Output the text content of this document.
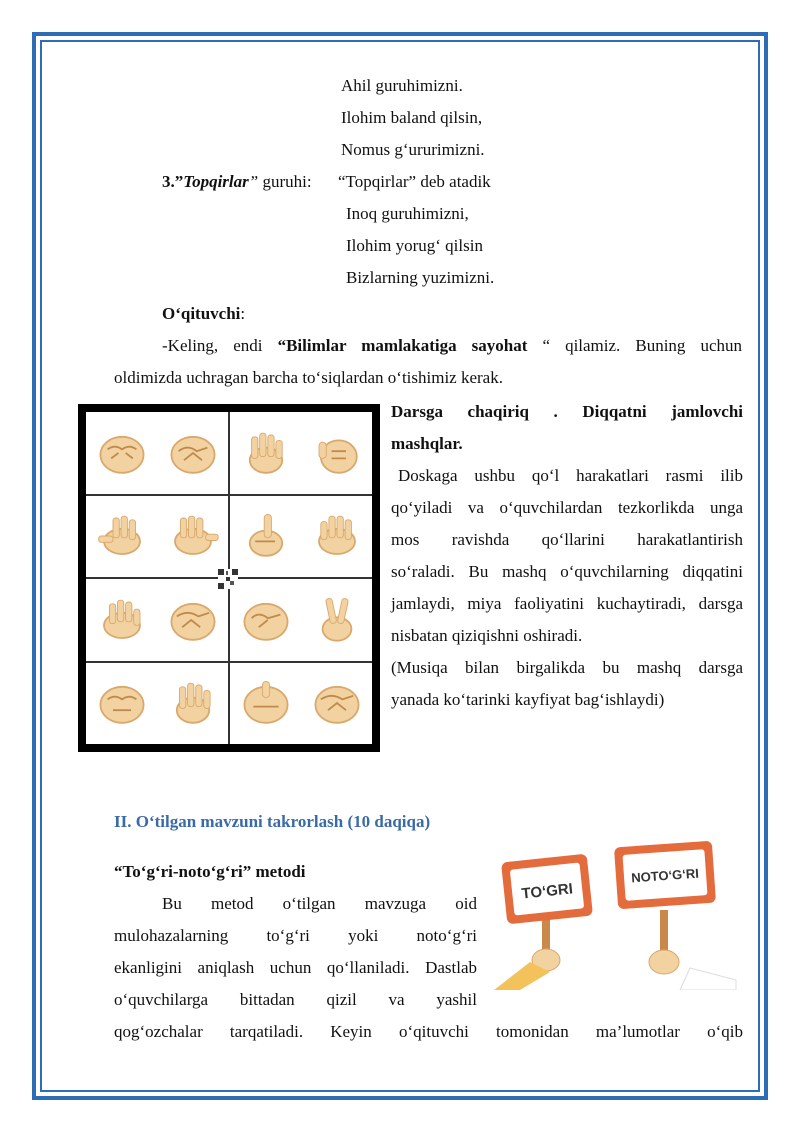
Ahil guruhimizni.
Ilohim baland qilsin,
Nomus g‘ururimizni.
3.”Topqirlar” guruhi: “Topqirlar” deb atadik
Inoq guruhimizni,
Ilohim yorug‘ qilsin
Bizlarning yuzimizni.
O‘qituvchi:
-Keling, endi “Bilimlar mamlakatiga sayohat “ qilamiz. Buning uchun
oldimizda uchragan barcha to‘siqlardan o‘tishimiz kerak.
Darsga chaqiriq . Diqqatni jamlovchi
mashqlar.
Doskaga ushbu qo‘l harakatlari rasmi ilib
qo‘yiladi va o‘quvchilardan tezkorlikda unga
mos ravishda qo‘llarini harakatlantirish
so‘raladi. Bu mashq o‘quvchilarning diqqatini
jamlaydi, miya faoliyatini kuchaytiradi, darsga
nisbatan qiziqishni oshiradi.
(Musiqa bilan birgalikda bu mashq darsga
yanada ko‘tarinki kayfiyat bag‘ishlaydi)
II. O‘tilgan mavzuni takrorlash (10 daqiqa)
“To‘g‘ri-noto‘g‘ri” metodi
Bu metod o‘tilgan mavzuga oid
mulohazalarning to‘g‘ri yoki noto‘g‘ri
ekanligini aniqlash uchun qo‘llaniladi. Dastlab
o‘quvchilarga bittadan qizil va yashil
qog‘ozchalar tarqatiladi. Keyin o‘qituvchi tomonidan ma’lumotlar o‘qib
TO‘GRI
NOTO‘G‘RI
